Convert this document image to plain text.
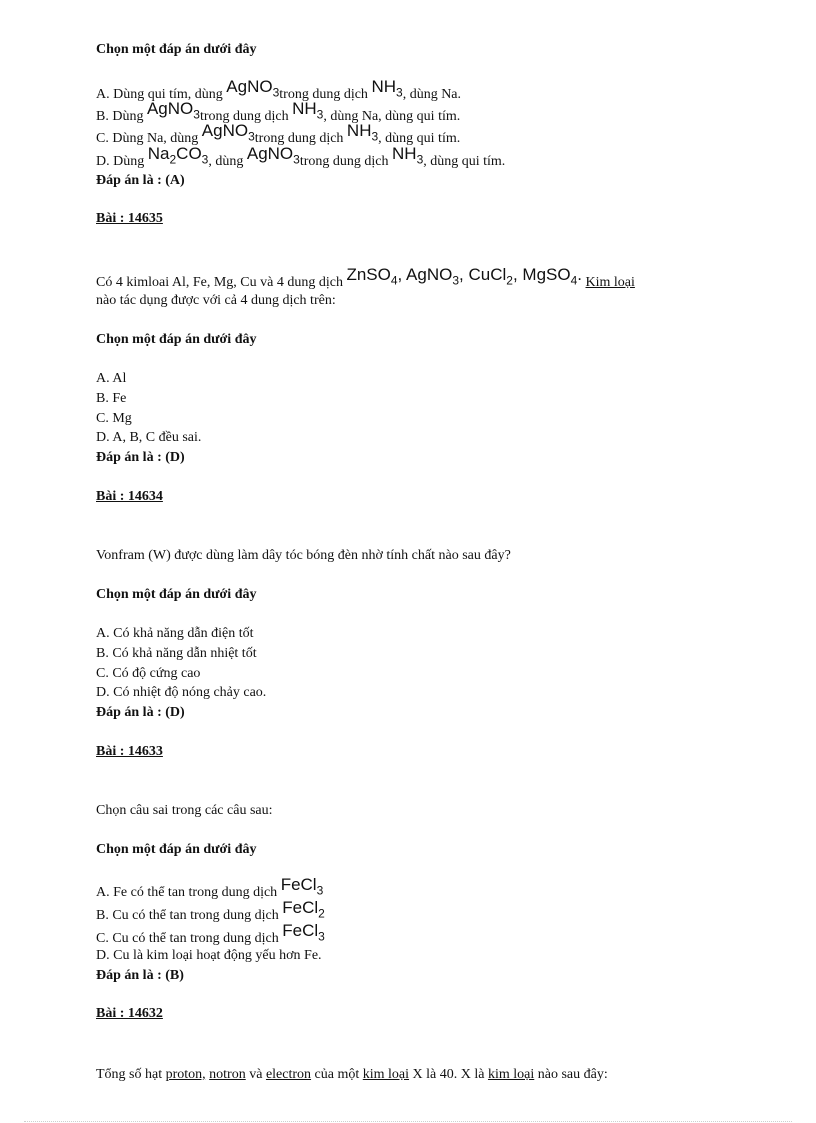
Chọn một đáp án dưới đây
A. Dùng qui tím, dùng AgNO$_3$trong dung dịch $NH_3$, dùng Na.
B. Dùng AgNO$_3$trong dung dịch $NH_3$, dùng Na, dùng qui tím.
C. Dùng Na, dùng AgNO$_3$trong dung dịch $NH_3$, dùng qui tím.
D. Dùng $Na_2CO_3$, dùng AgNO$_3$trong dung dịch $NH_3$, dùng qui tím.
Đáp án là : (A)
Bài : 14635
Có 4 kimloai Al, Fe, Mg, Cu và 4 dung dịch ZnSO$_4$, AgNO$_3$, CuCl$_2$, MgSO$_4$. Kim loại
nào tác dụng được với cả 4 dung dịch trên:
Chọn một đáp án dưới đây
A. Al
B. Fe
C. Mg
D. A, B, C đều sai.
Đáp án là : (D)
Bài : 14634
Vonfram (W) được dùng làm dây tóc bóng đèn nhờ tính chất nào sau đây?
Chọn một đáp án dưới đây
A. Có khả năng dẫn điện tốt
B. Có khả năng dẫn nhiệt tốt
C. Có độ cứng cao
D. Có nhiệt độ nóng chảy cao.
Đáp án là : (D)
Bài : 14633
Chọn câu sai trong các câu sau:
Chọn một đáp án dưới đây
A. Fe có thể tan trong dung dịch FeCl$_3$
B. Cu có thể tan trong dung dịch FeCl$_2$
C. Cu có thể tan trong dung dịch FeCl$_3$
D. Cu là kim loại hoạt động yếu hơn Fe.
Đáp án là : (B)
Bài : 14632
Tổng số hạt proton, notron và electron của một kim loại X là 40. X là kim loại nào sau đây:
